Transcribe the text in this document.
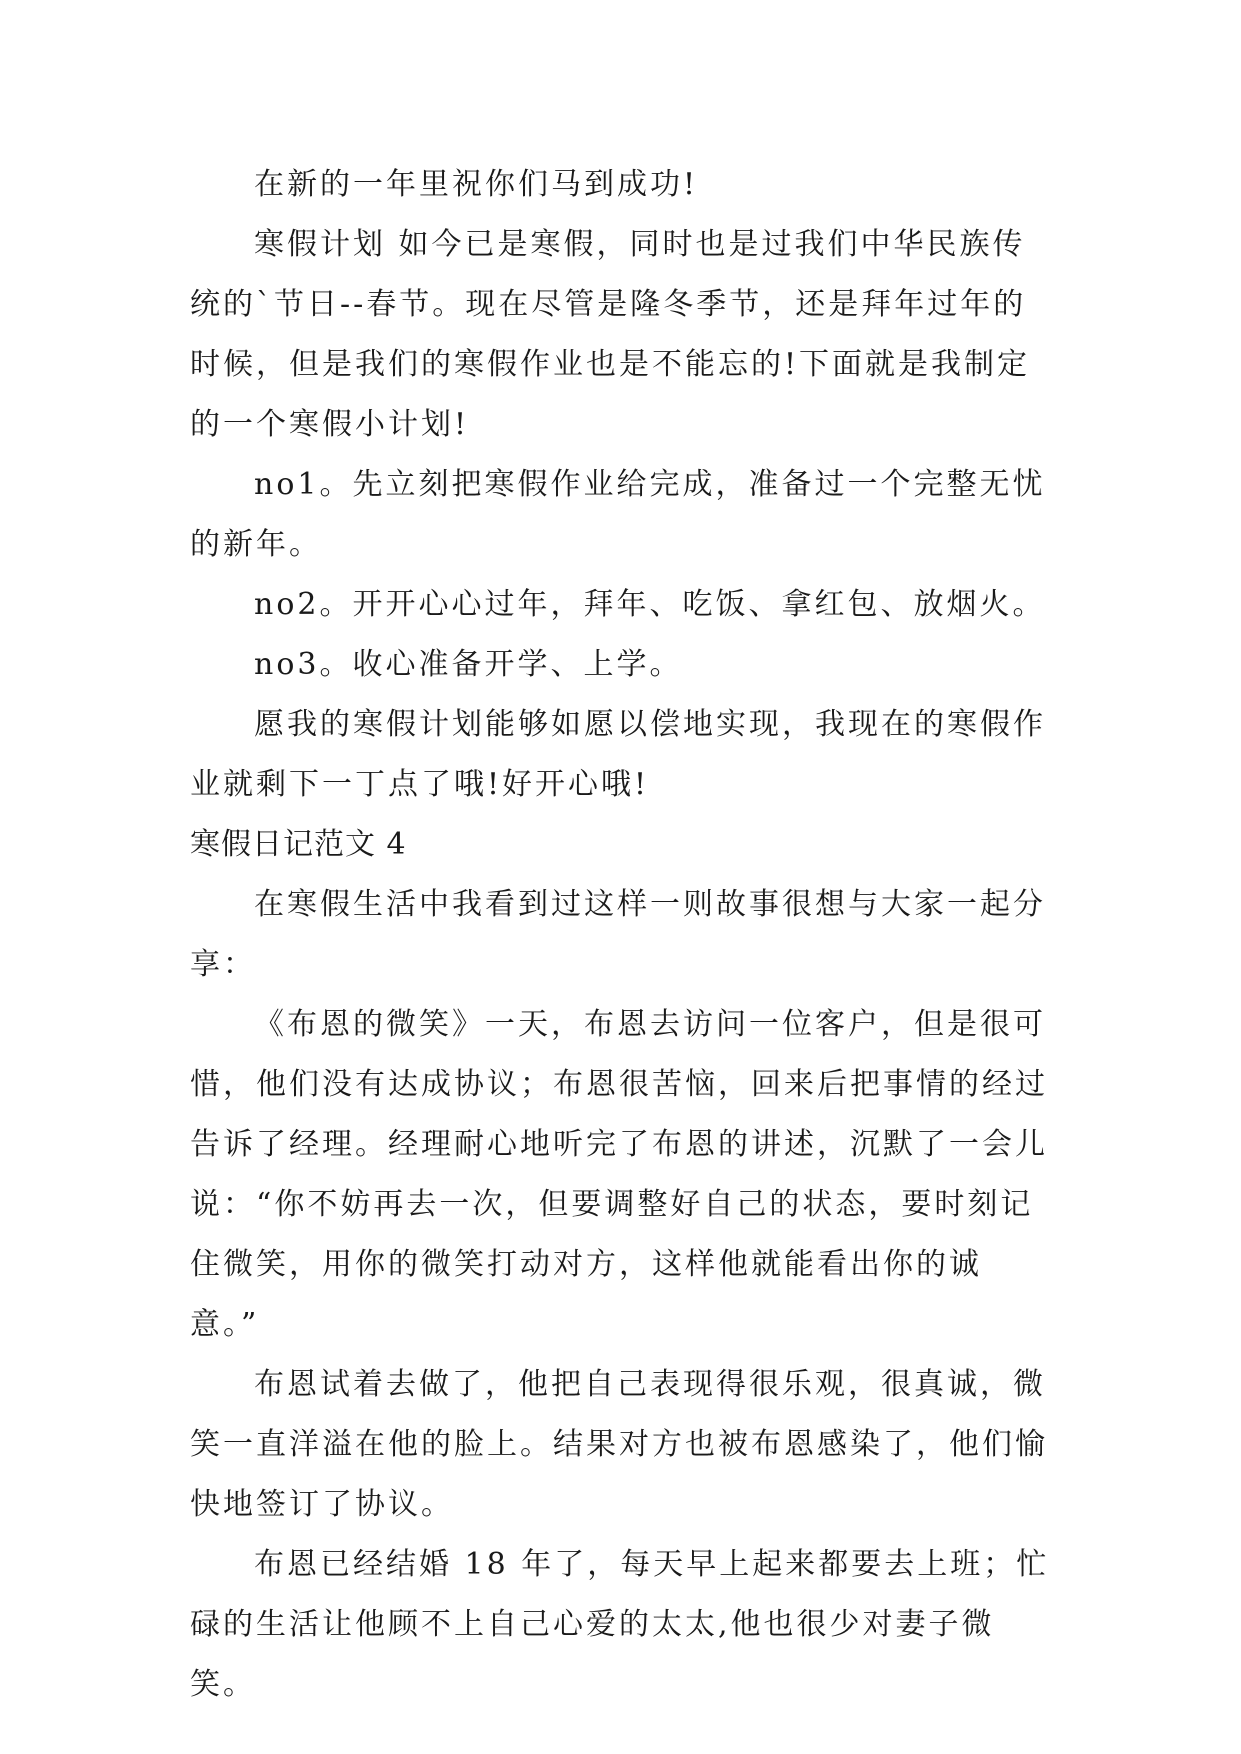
在新的一年里祝你们马到成功!

寒假计划 如今已是寒假，同时也是过我们中华民族传统的`节日--春节。现在尽管是隆冬季节，还是拜年过年的时候，但是我们的寒假作业也是不能忘的!下面就是我制定的一个寒假小计划!

no1。先立刻把寒假作业给完成，准备过一个完整无忧的新年。

no2。开开心心过年，拜年、吃饭、拿红包、放烟火。

no3。收心准备开学、上学。

愿我的寒假计划能够如愿以偿地实现，我现在的寒假作业就剩下一丁点了哦!好开心哦!

寒假日记范文 4

在寒假生活中我看到过这样一则故事很想与大家一起分享：

《布恩的微笑》一天，布恩去访问一位客户，但是很可惜，他们没有达成协议；布恩很苦恼，回来后把事情的经过告诉了经理。经理耐心地听完了布恩的讲述，沉默了一会儿说：“你不妨再去一次，但要调整好自己的状态，要时刻记住微笑，用你的微笑打动对方，这样他就能看出你的诚意。”

布恩试着去做了，他把自己表现得很乐观，很真诚，微笑一直洋溢在他的脸上。结果对方也被布恩感染了，他们愉快地签订了协议。

布恩已经结婚 18 年了，每天早上起来都要去上班；忙碌的生活让他顾不上自己心爱的太太,他也很少对妻子微笑。
